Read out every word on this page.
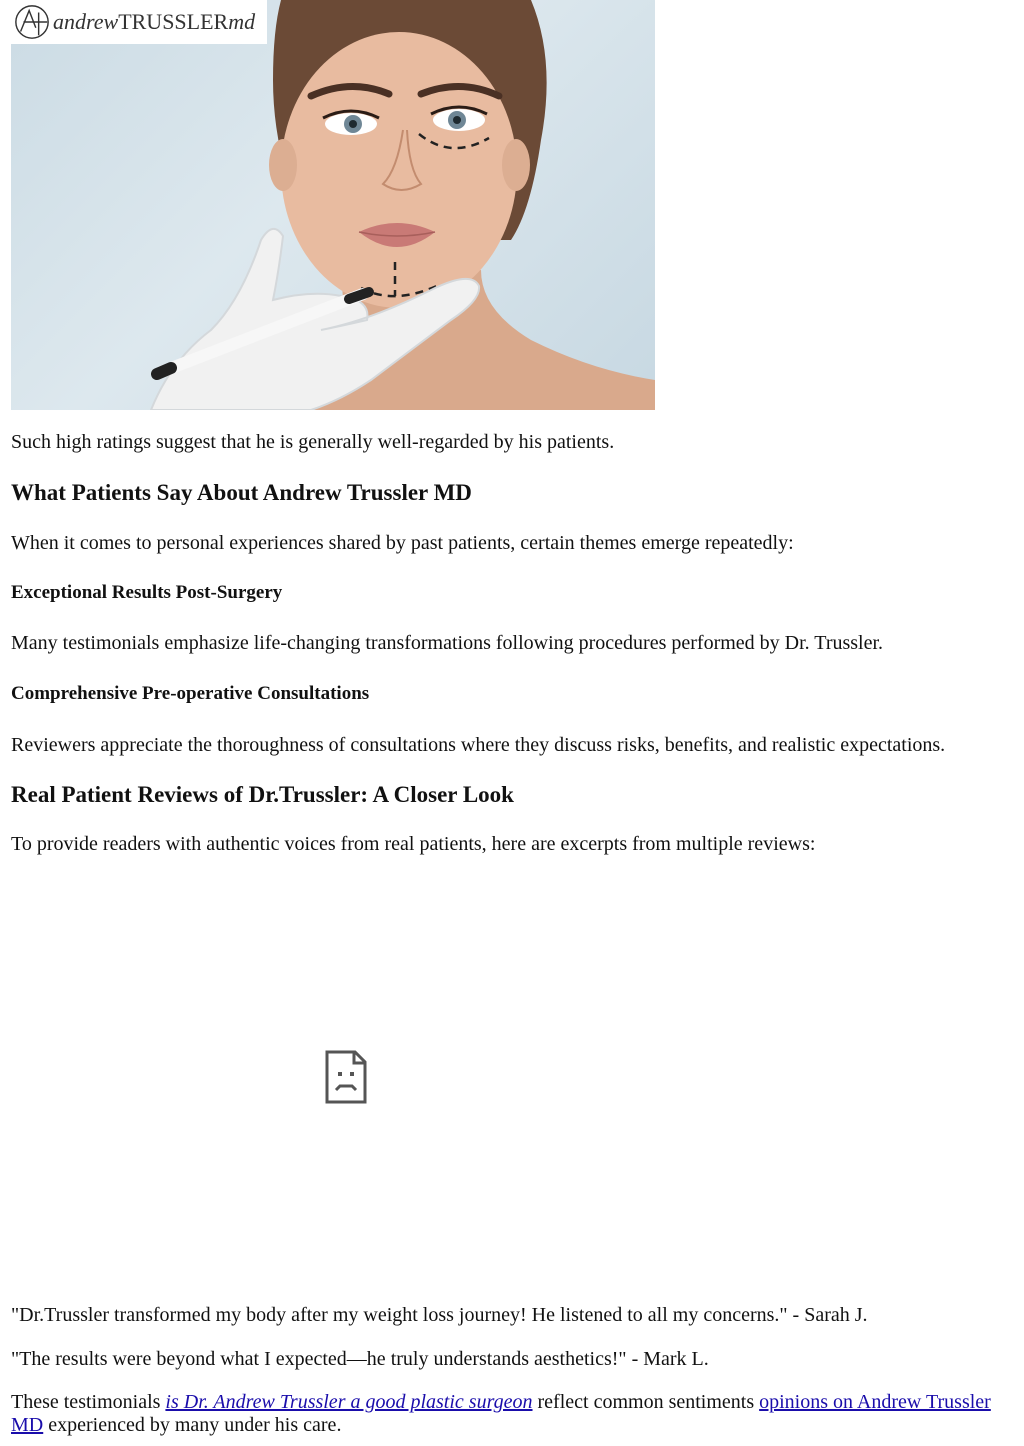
andrewTRUSSLERmd

Such high ratings suggest that he is generally well-regarded by his patients.

What Patients Say About Andrew Trussler MD

When it comes to personal experiences shared by past patients, certain themes emerge repeatedly:

Exceptional Results Post-Surgery

Many testimonials emphasize life-changing transformations following procedures performed by Dr. Trussler.

Comprehensive Pre-operative Consultations

Reviewers appreciate the thoroughness of consultations where they discuss risks, benefits, and realistic expectations.

Real Patient Reviews of Dr.Trussler: A Closer Look

To provide readers with authentic voices from real patients, here are excerpts from multiple reviews:

"Dr.Trussler transformed my body after my weight loss journey! He listened to all my concerns." - Sarah J.

"The results were beyond what I expected—he truly understands aesthetics!" - Mark L.

These testimonials is Dr. Andrew Trussler a good plastic surgeon reflect common sentiments opinions on Andrew Trussler MD experienced by many under his care.
